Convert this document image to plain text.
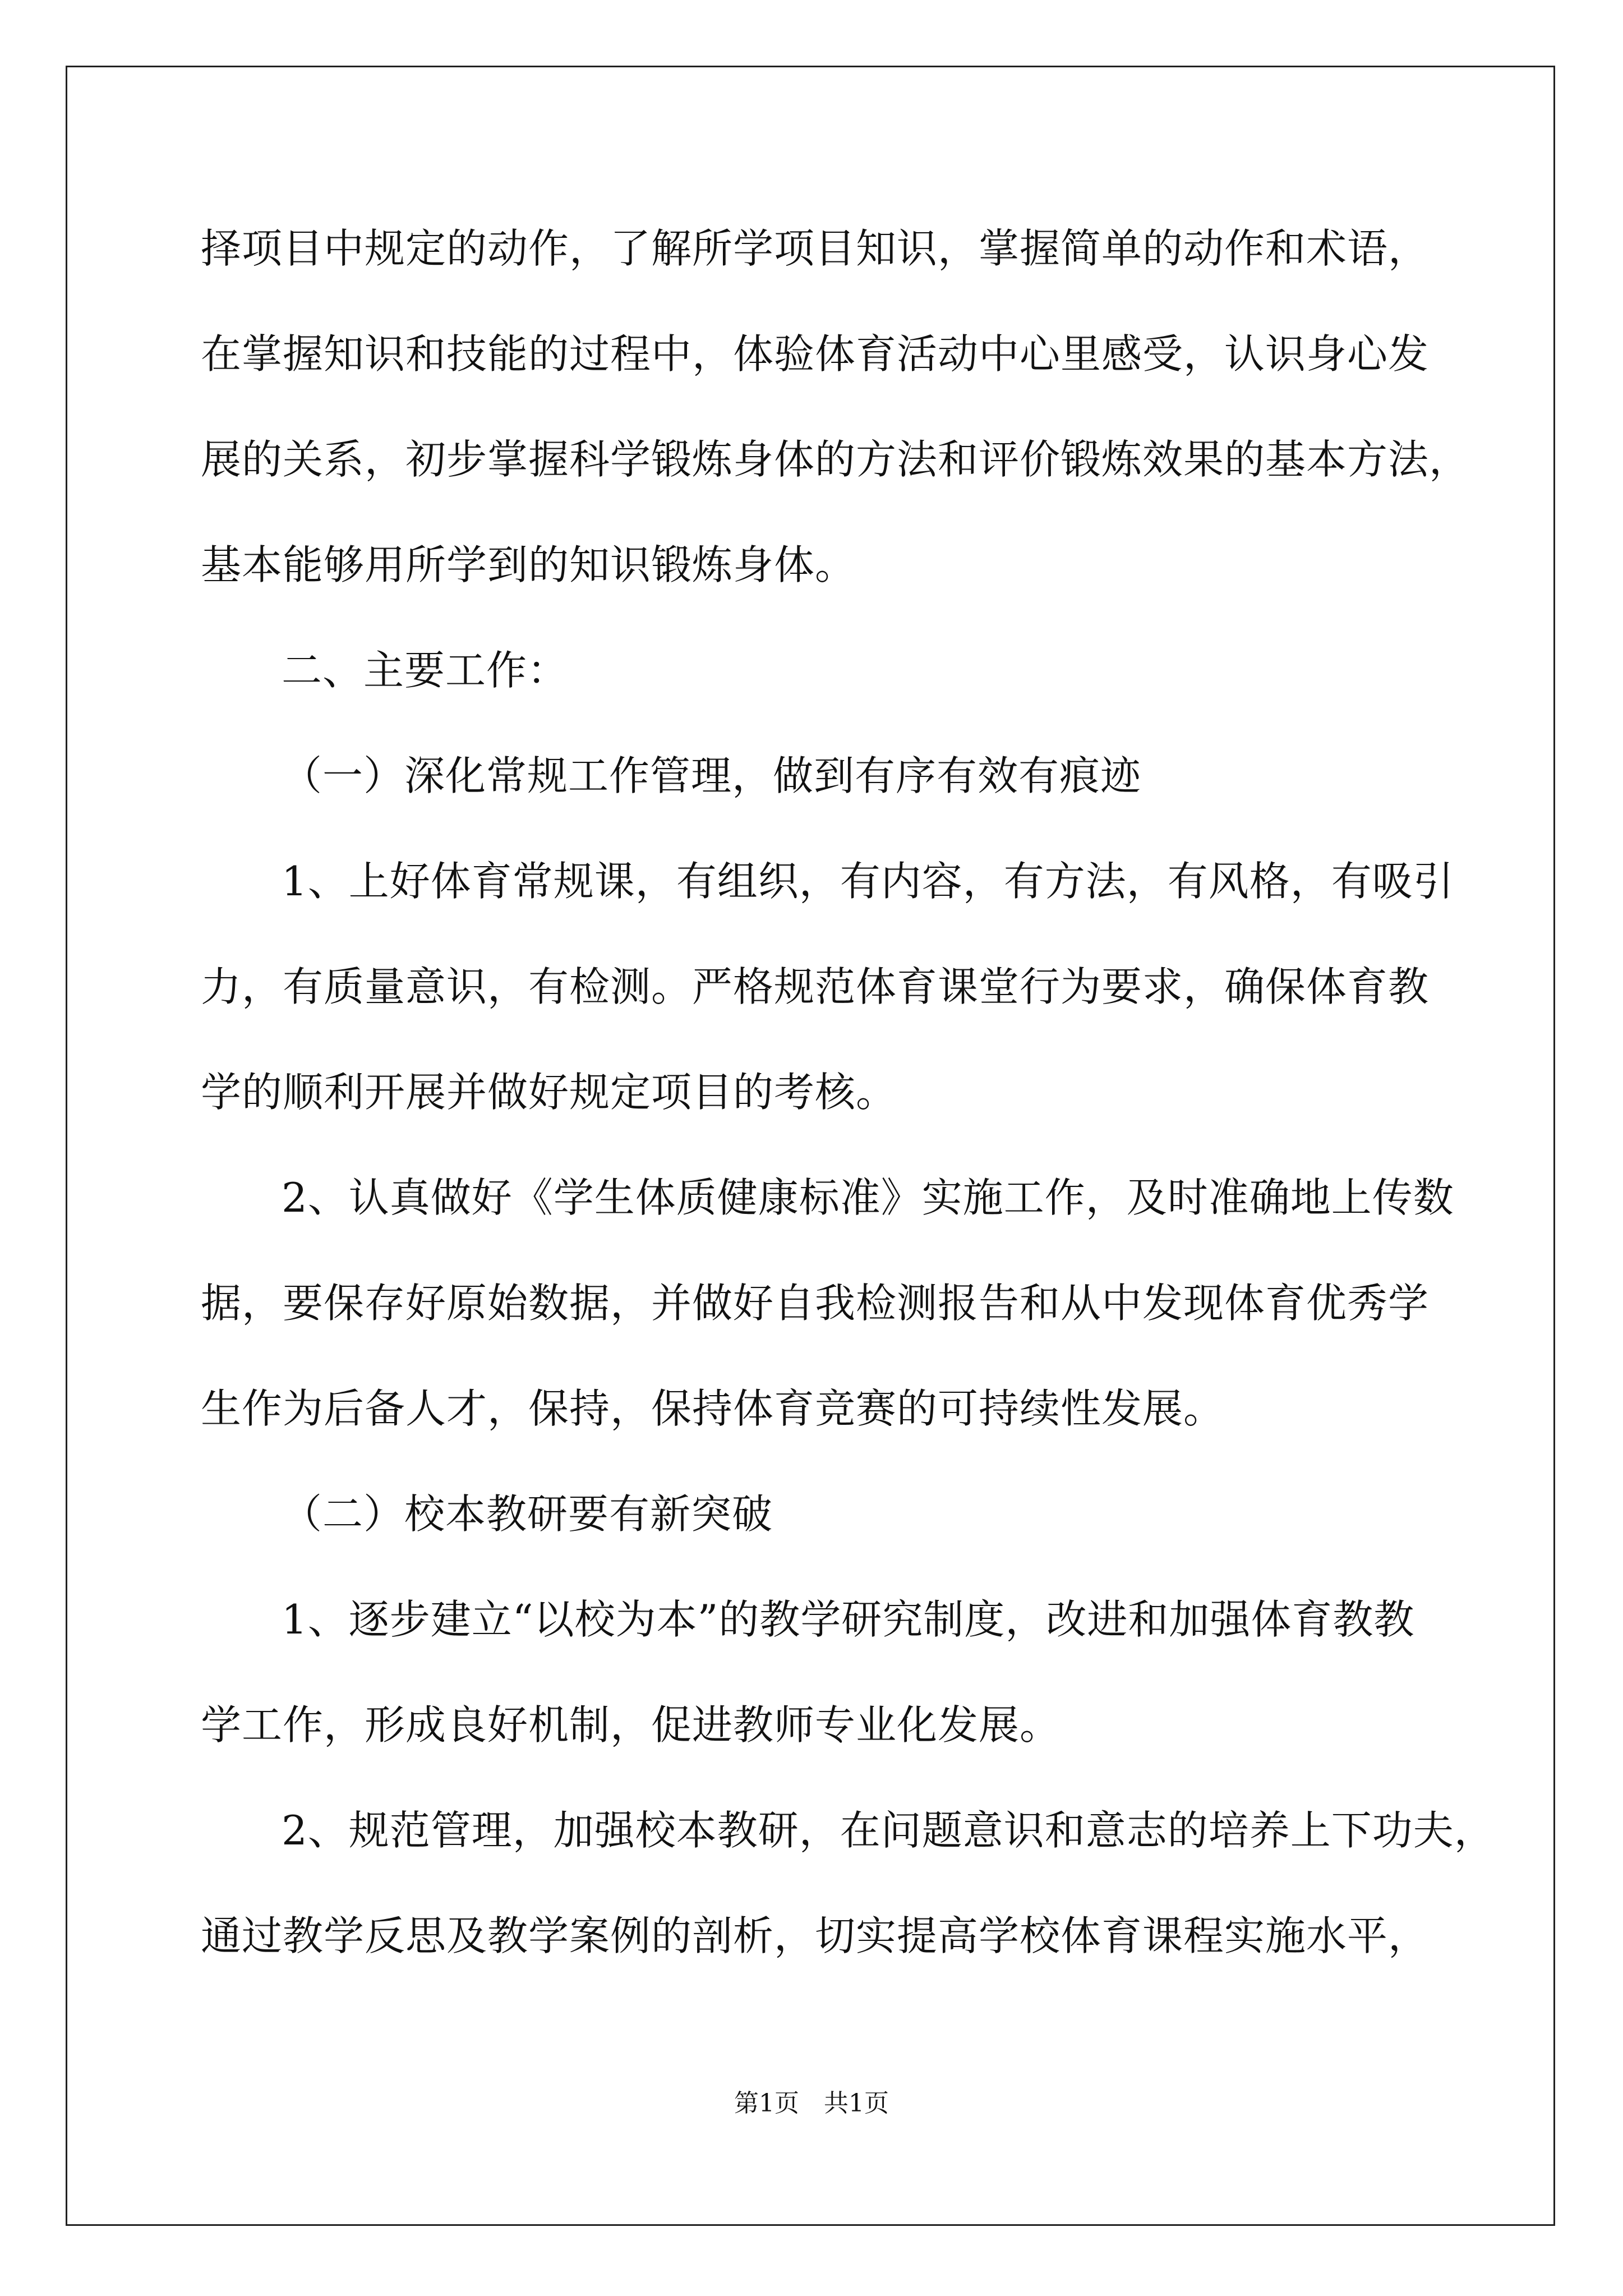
择项目中规定的动作，了解所学项目知识，掌握简单的动作和术语，
在掌握知识和技能的过程中，体验体育活动中心里感受，认识身心发
展的关系，初步掌握科学锻炼身体的方法和评价锻炼效果的基本方法，
基本能够用所学到的知识锻炼身体。
二、主要工作：
（一）深化常规工作管理，做到有序有效有痕迹
1、上好体育常规课，有组织，有内容，有方法，有风格，有吸引
力，有质量意识，有检测。严格规范体育课堂行为要求，确保体育教
学的顺利开展并做好规定项目的考核。
2、认真做好《学生体质健康标准》实施工作，及时准确地上传数
据，要保存好原始数据，并做好自我检测报告和从中发现体育优秀学
生作为后备人才，保持，保持体育竞赛的可持续性发展。
（二）校本教研要有新突破
1、逐步建立“以校为本”的教学研究制度，改进和加强体育教教
学工作，形成良好机制，促进教师专业化发展。
2、规范管理，加强校本教研，在问题意识和意志的培养上下功夫，
通过教学反思及教学案例的剖析，切实提高学校体育课程实施水平，
第1页　共1页
